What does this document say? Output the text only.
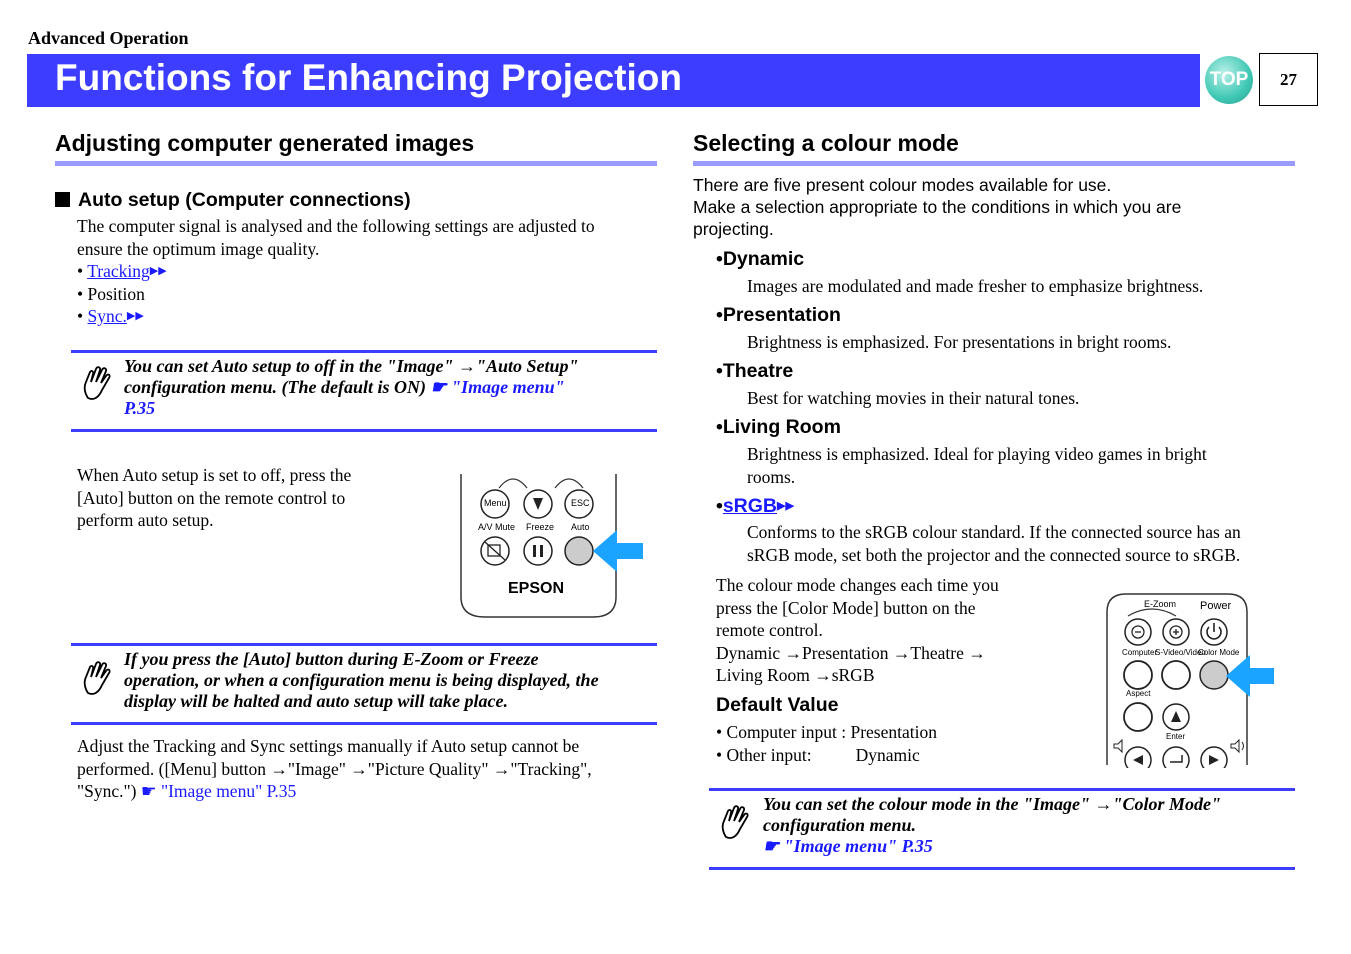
Advanced Operation
Functions for Enhancing Projection	TOP	27
Adjusting computer generated images
Auto setup (Computer connections)
The computer signal is analysed and the following settings are adjusted to
ensure the optimum image quality.
• Tracking▶▶
• Position
• Sync.▶▶
You can set Auto setup to off in the "Image" →"Auto Setup"
configuration menu. (The default is ON) ☛ "Image menu"
P.35
When Auto setup is set to off, press the
[Auto] button on the remote control to
perform auto setup.
Menu	ESC
A/V Mute Freeze Auto
EPSON
If you press the [Auto] button during E-Zoom or Freeze
operation, or when a configuration menu is being displayed, the
display will be halted and auto setup will take place.
Adjust the Tracking and Sync settings manually if Auto setup cannot be
performed. ([Menu] button →"Image" →"Picture Quality" →"Tracking",
"Sync.") ☛ "Image menu" P.35
Selecting a colour mode
There are five present colour modes available for use.
Make a selection appropriate to the conditions in which you are
projecting.
•Dynamic
Images are modulated and made fresher to emphasize brightness.
•Presentation
Brightness is emphasized. For presentations in bright rooms.
•Theatre
Best for watching movies in their natural tones.
•Living Room
Brightness is emphasized. Ideal for playing video games in bright
rooms.
•sRGB▶▶
Conforms to the sRGB colour standard. If the connected source has an
sRGB mode, set both the projector and the connected source to sRGB.
The colour mode changes each time you
press the [Color Mode] button on the
remote control.
Dynamic →Presentation →Theatre →
Living Room →sRGB
Default Value
• Computer input : Presentation
• Other input:	Dynamic
E-Zoom Power
Computer
S-Video/Video
Color Mode
Aspect
Enter
You can set the colour mode in the "Image" →"Color Mode"
configuration menu.
☛ "Image menu" P.35
